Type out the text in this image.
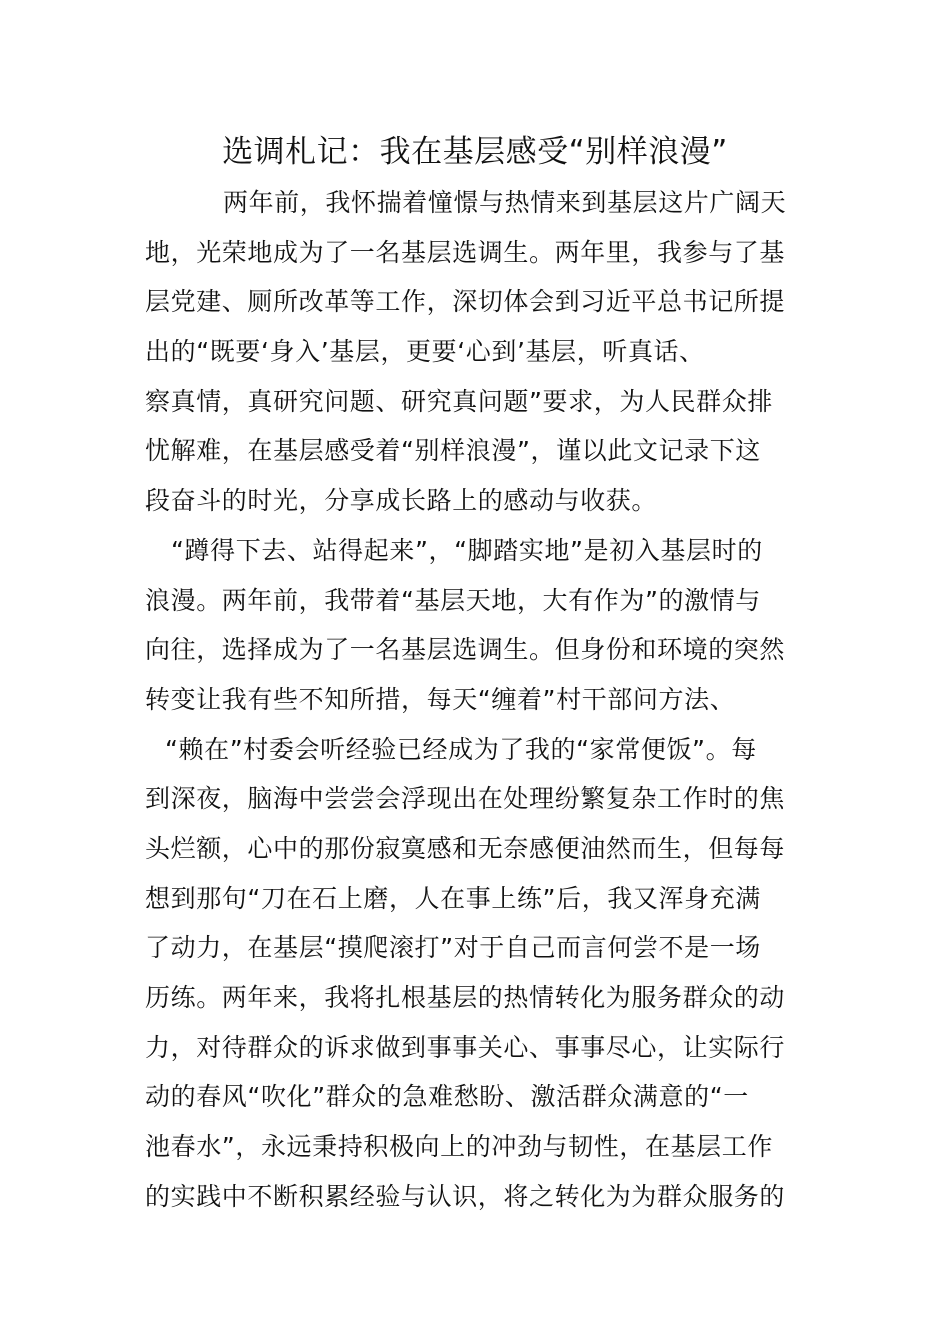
选调札记：我在基层感受“别样浪漫”
两年前，我怀揣着憧憬与热情来到基层这片广阔天
地，光荣地成为了一名基层选调生。两年里，我参与了基
层党建、厕所改革等工作，深切体会到习近平总书记所提
出的“既要‘身入’基层，更要‘心到’基层，听真话、
察真情，真研究问题、研究真问题”要求，为人民群众排
忧解难，在基层感受着“别样浪漫”，谨以此文记录下这
段奋斗的时光，分享成长路上的感动与收获。
“蹲得下去、站得起来”，“脚踏实地”是初入基层时的
浪漫。两年前，我带着“基层天地，大有作为”的激情与
向往，选择成为了一名基层选调生。但身份和环境的突然
转变让我有些不知所措，每天“缠着”村干部问方法、
“赖在”村委会听经验已经成为了我的“家常便饭”。每
到深夜，脑海中尝尝会浮现出在处理纷繁复杂工作时的焦
头烂额，心中的那份寂寞感和无奈感便油然而生，但每每
想到那句“刀在石上磨，人在事上练”后，我又浑身充满
了动力，在基层“摸爬滚打”对于自己而言何尝不是一场
历练。两年来，我将扎根基层的热情转化为服务群众的动
力，对待群众的诉求做到事事关心、事事尽心，让实际行
动的春风“吹化”群众的急难愁盼、激活群众满意的“一
池春水”，永远秉持积极向上的冲劲与韧性，在基层工作
的实践中不断积累经验与认识，将之转化为为群众服务的
